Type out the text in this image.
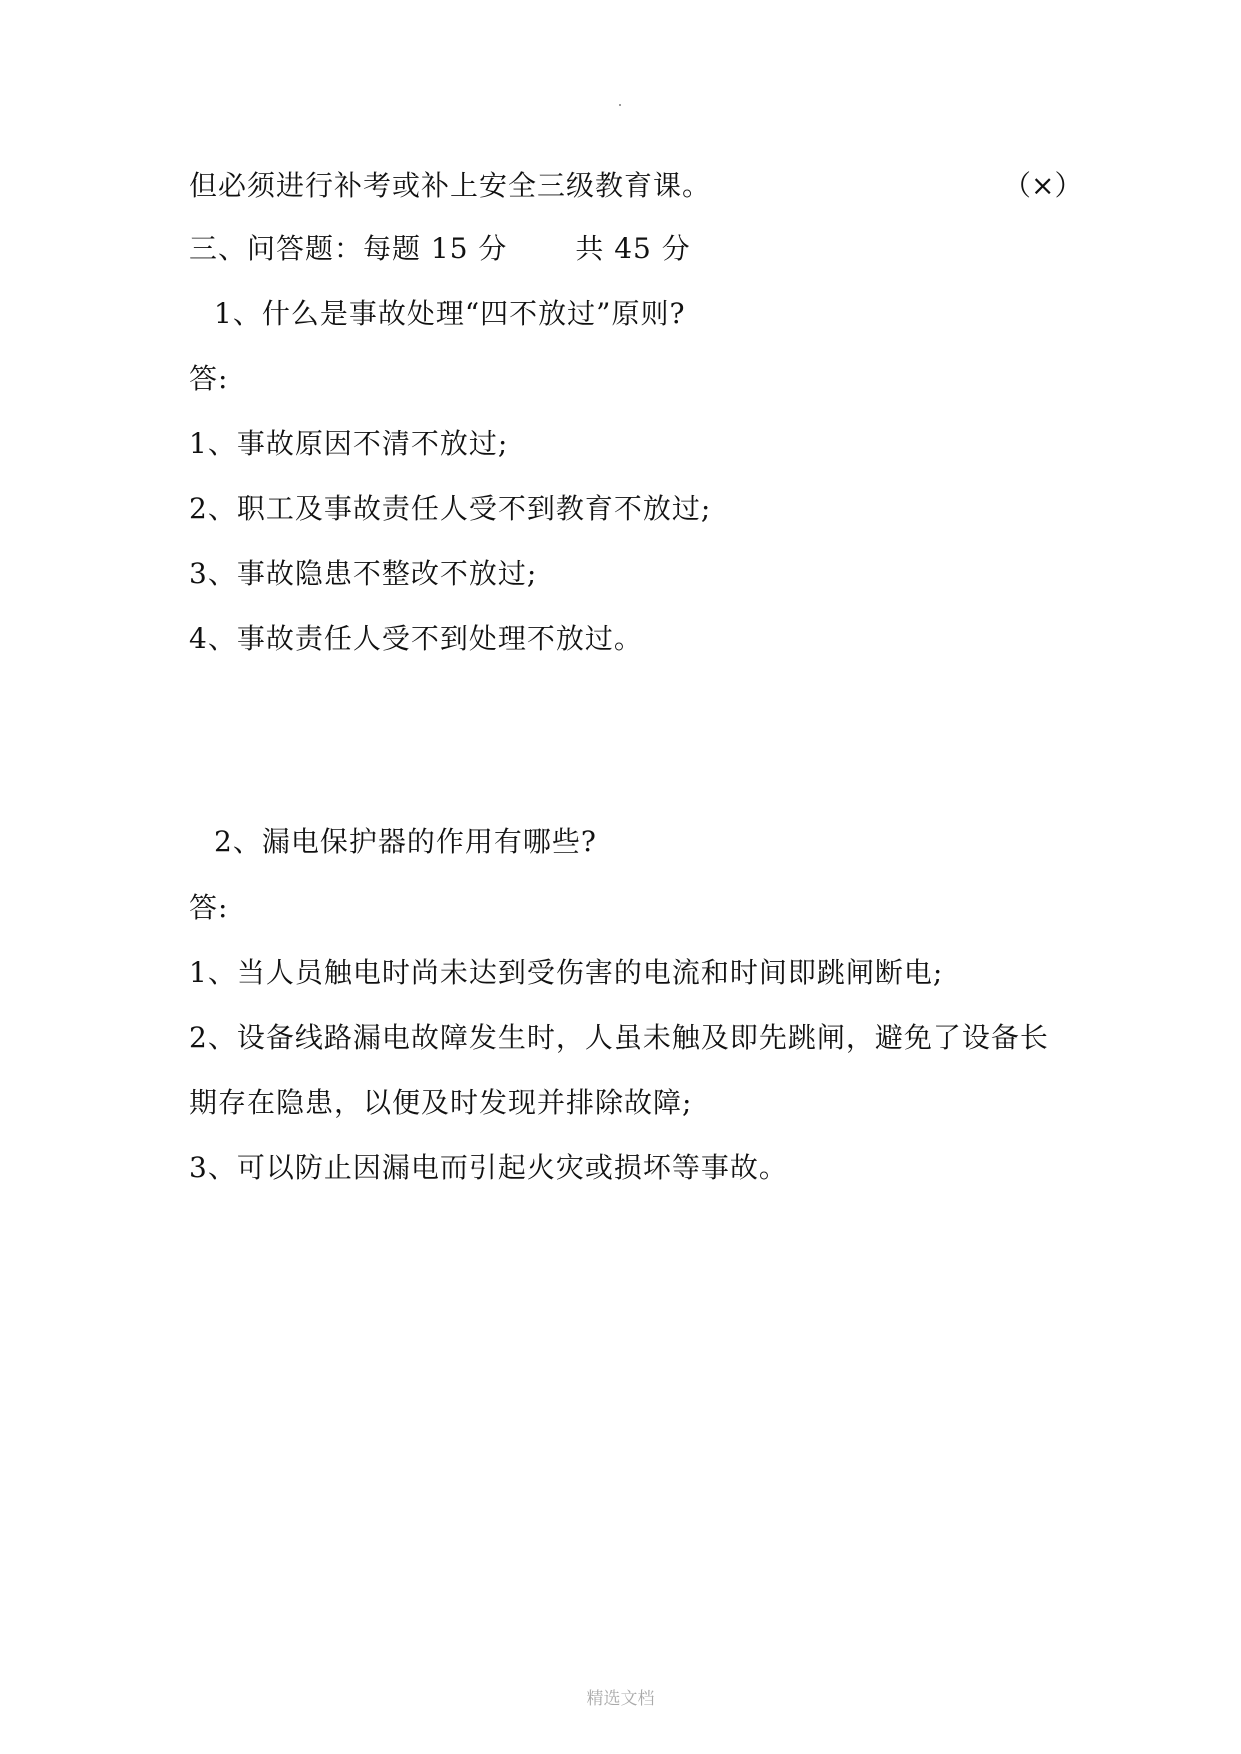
但必须进行补考或补上安全三级教育课。	（×）
三、问答题：每题 15 分　　 共 45 分
1、什么是事故处理“四不放过”原则?
答:
1、事故原因不清不放过;
2、职工及事故责任人受不到教育不放过;
3、事故隐患不整改不放过;
4、事故责任人受不到处理不放过。
2、漏电保护器的作用有哪些?
答:
1、当人员触电时尚未达到受伤害的电流和时间即跳闸断电;
2、设备线路漏电故障发生时，人虽未触及即先跳闸，避免了设备长
期存在隐患，以便及时发现并排除故障;
3、可以防止因漏电而引起火灾或损坏等事故。
精选文档
